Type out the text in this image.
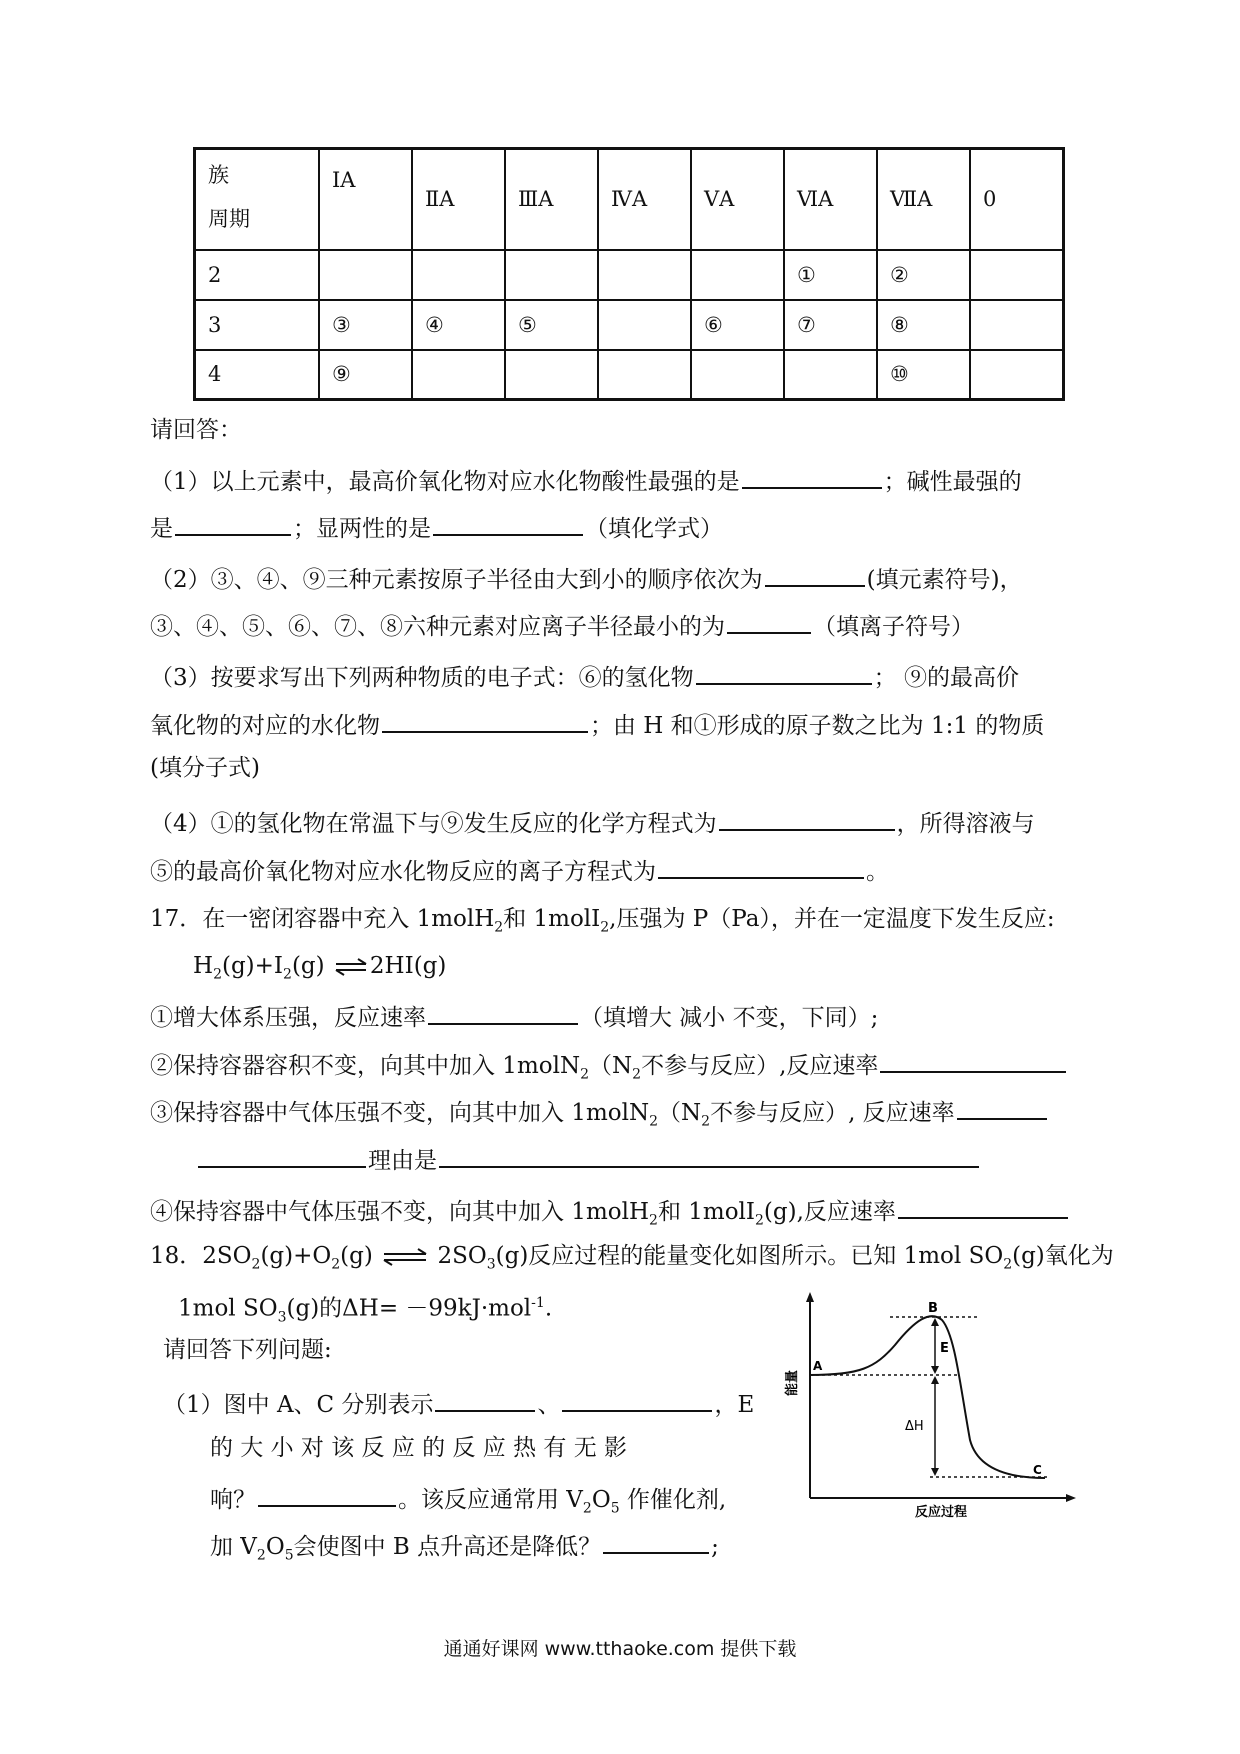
族
周期	ⅠA	ⅡA	ⅢA	ⅣA	ⅤA	ⅥA	ⅦA	0
2						①	②	
3	③	④	⑤		⑥	⑦	⑧	
4	⑨						⑩	
请回答：
（1）以上元素中，最高价氧化物对应水化物酸性最强的是	；碱性最强的
是	；显两性的是	（填化学式）
（2）③、④、⑨三种元素按原子半径由大到小的顺序依次为	(填元素符号)，
③、④、⑤、⑥、⑦、⑧六种元素对应离子半径最小的为	（填离子符号）
（3）按要求写出下列两种物质的电子式：⑥的氢化物	； ⑨的最高价
氧化物的对应的水化物	；由 H 和①形成的原子数之比为 1:1 的物质
(填分子式)
（4）①的氢化物在常温下与⑨发生反应的化学方程式为	，所得溶液与
⑤的最高价氧化物对应水化物反应的离子方程式为	。
17．在一密闭容器中充入 1molH$_2$和 1molI$_2$,压强为 P（Pa），并在一定温度下发生反应:
$H_2(g)+I_2(g)$ ⇌ 2HI(g)
①增大体系压强，反应速率	（填增大 减小 不变，下同）;
②保持容器容积不变，向其中加入 $1molN_2(N_2$不参与反应）,反应速率
③保持容器中气体压强不变，向其中加入 $1molN_2(N_2$不参与反应）, 反应速率
理由是
④保持容器中气体压强不变，向其中加入 1molH$_2$和 1molI$_2$(g),反应速率
18．$2SO_2(g)+O_2(g)$ ⇌ $2SO_3(g)$反应过程的能量变化如图所示。已知 1mol $SO_2(g)$氧化为
1mol $SO_3(g)$的ΔH= －99kJ·mol$^{-1}$.
请回答下列问题:
（1）图中 A、C 分别表示	、	，E
的 大 小 对 该 反 应 的 反 应 热 有 无 影
响？	。该反应通常用 $V_2O_5$ 作催化剂,
加 $V_2O_5$会使图中 B 点升高还是降低？	;
能量
反应过程
A
B
C
E
ΔH
通通好课网 www.tthaoke.com 提供下载
